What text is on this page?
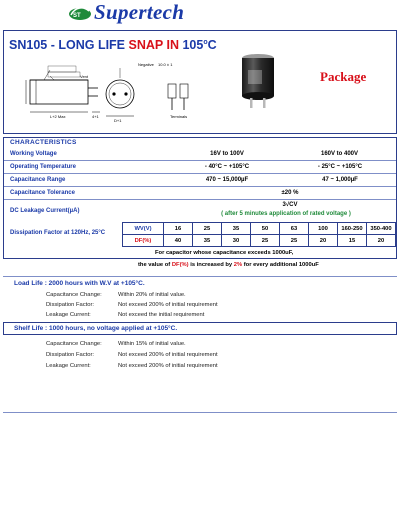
ST Supertech
SN105 - LONG LIFE SNAP IN 105$^o$C
Negative 10.0 ± 1
Vent
L+2 Max	4+1
D+1
Terminals
Package
CHARACTERISTICS
Working Voltage	16V to 100V	160V to 400V
Operating Temperature	- 40°C ~ +105°C	- 25°C ~ +105°C
Capacitance Range	470 ~ 15,000µF	47 ~ 1,000µF
Capacitance Tolerance	±20 %
DC Leakage Current(µA)
3√CV
( after 5 minutes application of rated voltage )
Dissipation Factor at 120Hz, 25°C
WV(V)	16	25	35	50	63	100	160-250	350-400
DF(%)	40	35	30	25	25	20	15	20
For capacitor whose capacitance exceeds 1000uF,
the value of DF(%) is increased by 2% for every additional 1000uF
Load Life : 2000 hours with W.V at +105°C.
Capacitance Change:	Within 20% of initial value.
Dissipation Factor:	Not exceed 200% of initial requirement
Leakage Current:	Not exceed the initial requirement
Shelf Life : 1000 hours, no voltage applied at +105°C.
Capacitance Change:	Within 15% of initial value.
Dissipation Factor:	Not exceed 200% of initial requirement
Leakage Current:	Not exceed 200% of initial requirement
